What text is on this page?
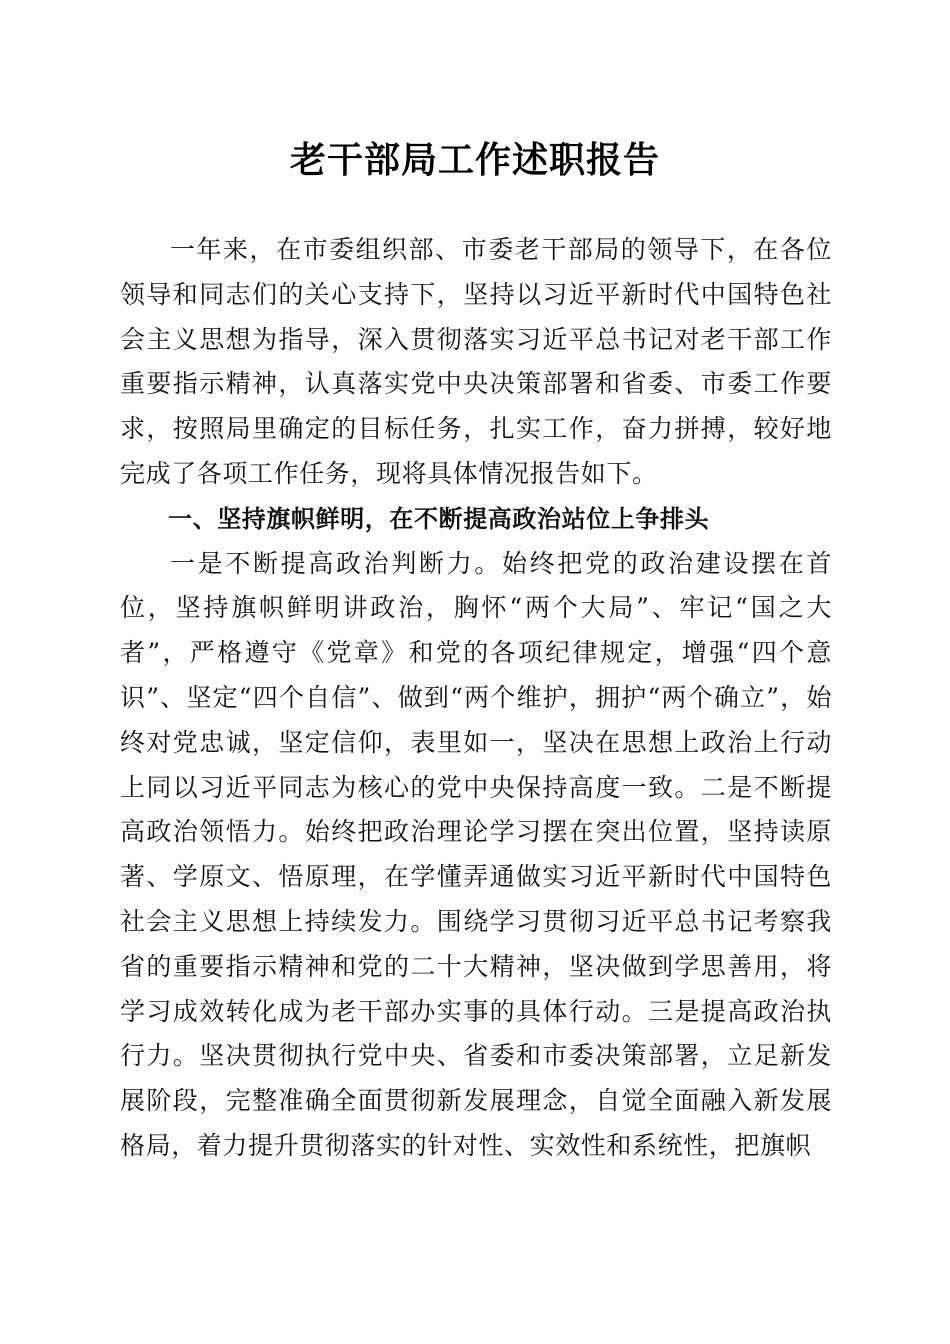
老干部局工作述职报告

一年来，在市委组织部、市委老干部局的领导下，在各位领导和同志们的关心支持下，坚持以习近平新时代中国特色社会主义思想为指导，深入贯彻落实习近平总书记对老干部工作重要指示精神，认真落实党中央决策部署和省委、市委工作要求，按照局里确定的目标任务，扎实工作，奋力拼搏，较好地完成了各项工作任务，现将具体情况报告如下。

一、坚持旗帜鲜明，在不断提高政治站位上争排头

一是不断提高政治判断力。始终把党的政治建设摆在首位，坚持旗帜鲜明讲政治，胸怀“两个大局”、牢记“国之大者”，严格遵守《党章》和党的各项纪律规定，增强“四个意识”、坚定“四个自信”、做到“两个维护，拥护“两个确立”，始终对党忠诚，坚定信仰，表里如一，坚决在思想上政治上行动上同以习近平同志为核心的党中央保持高度一致。二是不断提高政治领悟力。始终把政治理论学习摆在突出位置，坚持读原著、学原文、悟原理，在学懂弄通做实习近平新时代中国特色社会主义思想上持续发力。围绕学习贯彻习近平总书记考察我省的重要指示精神和党的二十大精神，坚决做到学思善用，将学习成效转化成为老干部办实事的具体行动。三是提高政治执行力。坚决贯彻执行党中央、省委和市委决策部署，立足新发展阶段，完整准确全面贯彻新发展理念，自觉全面融入新发展格局，着力提升贯彻落实的针对性、实效性和系统性，把旗帜
